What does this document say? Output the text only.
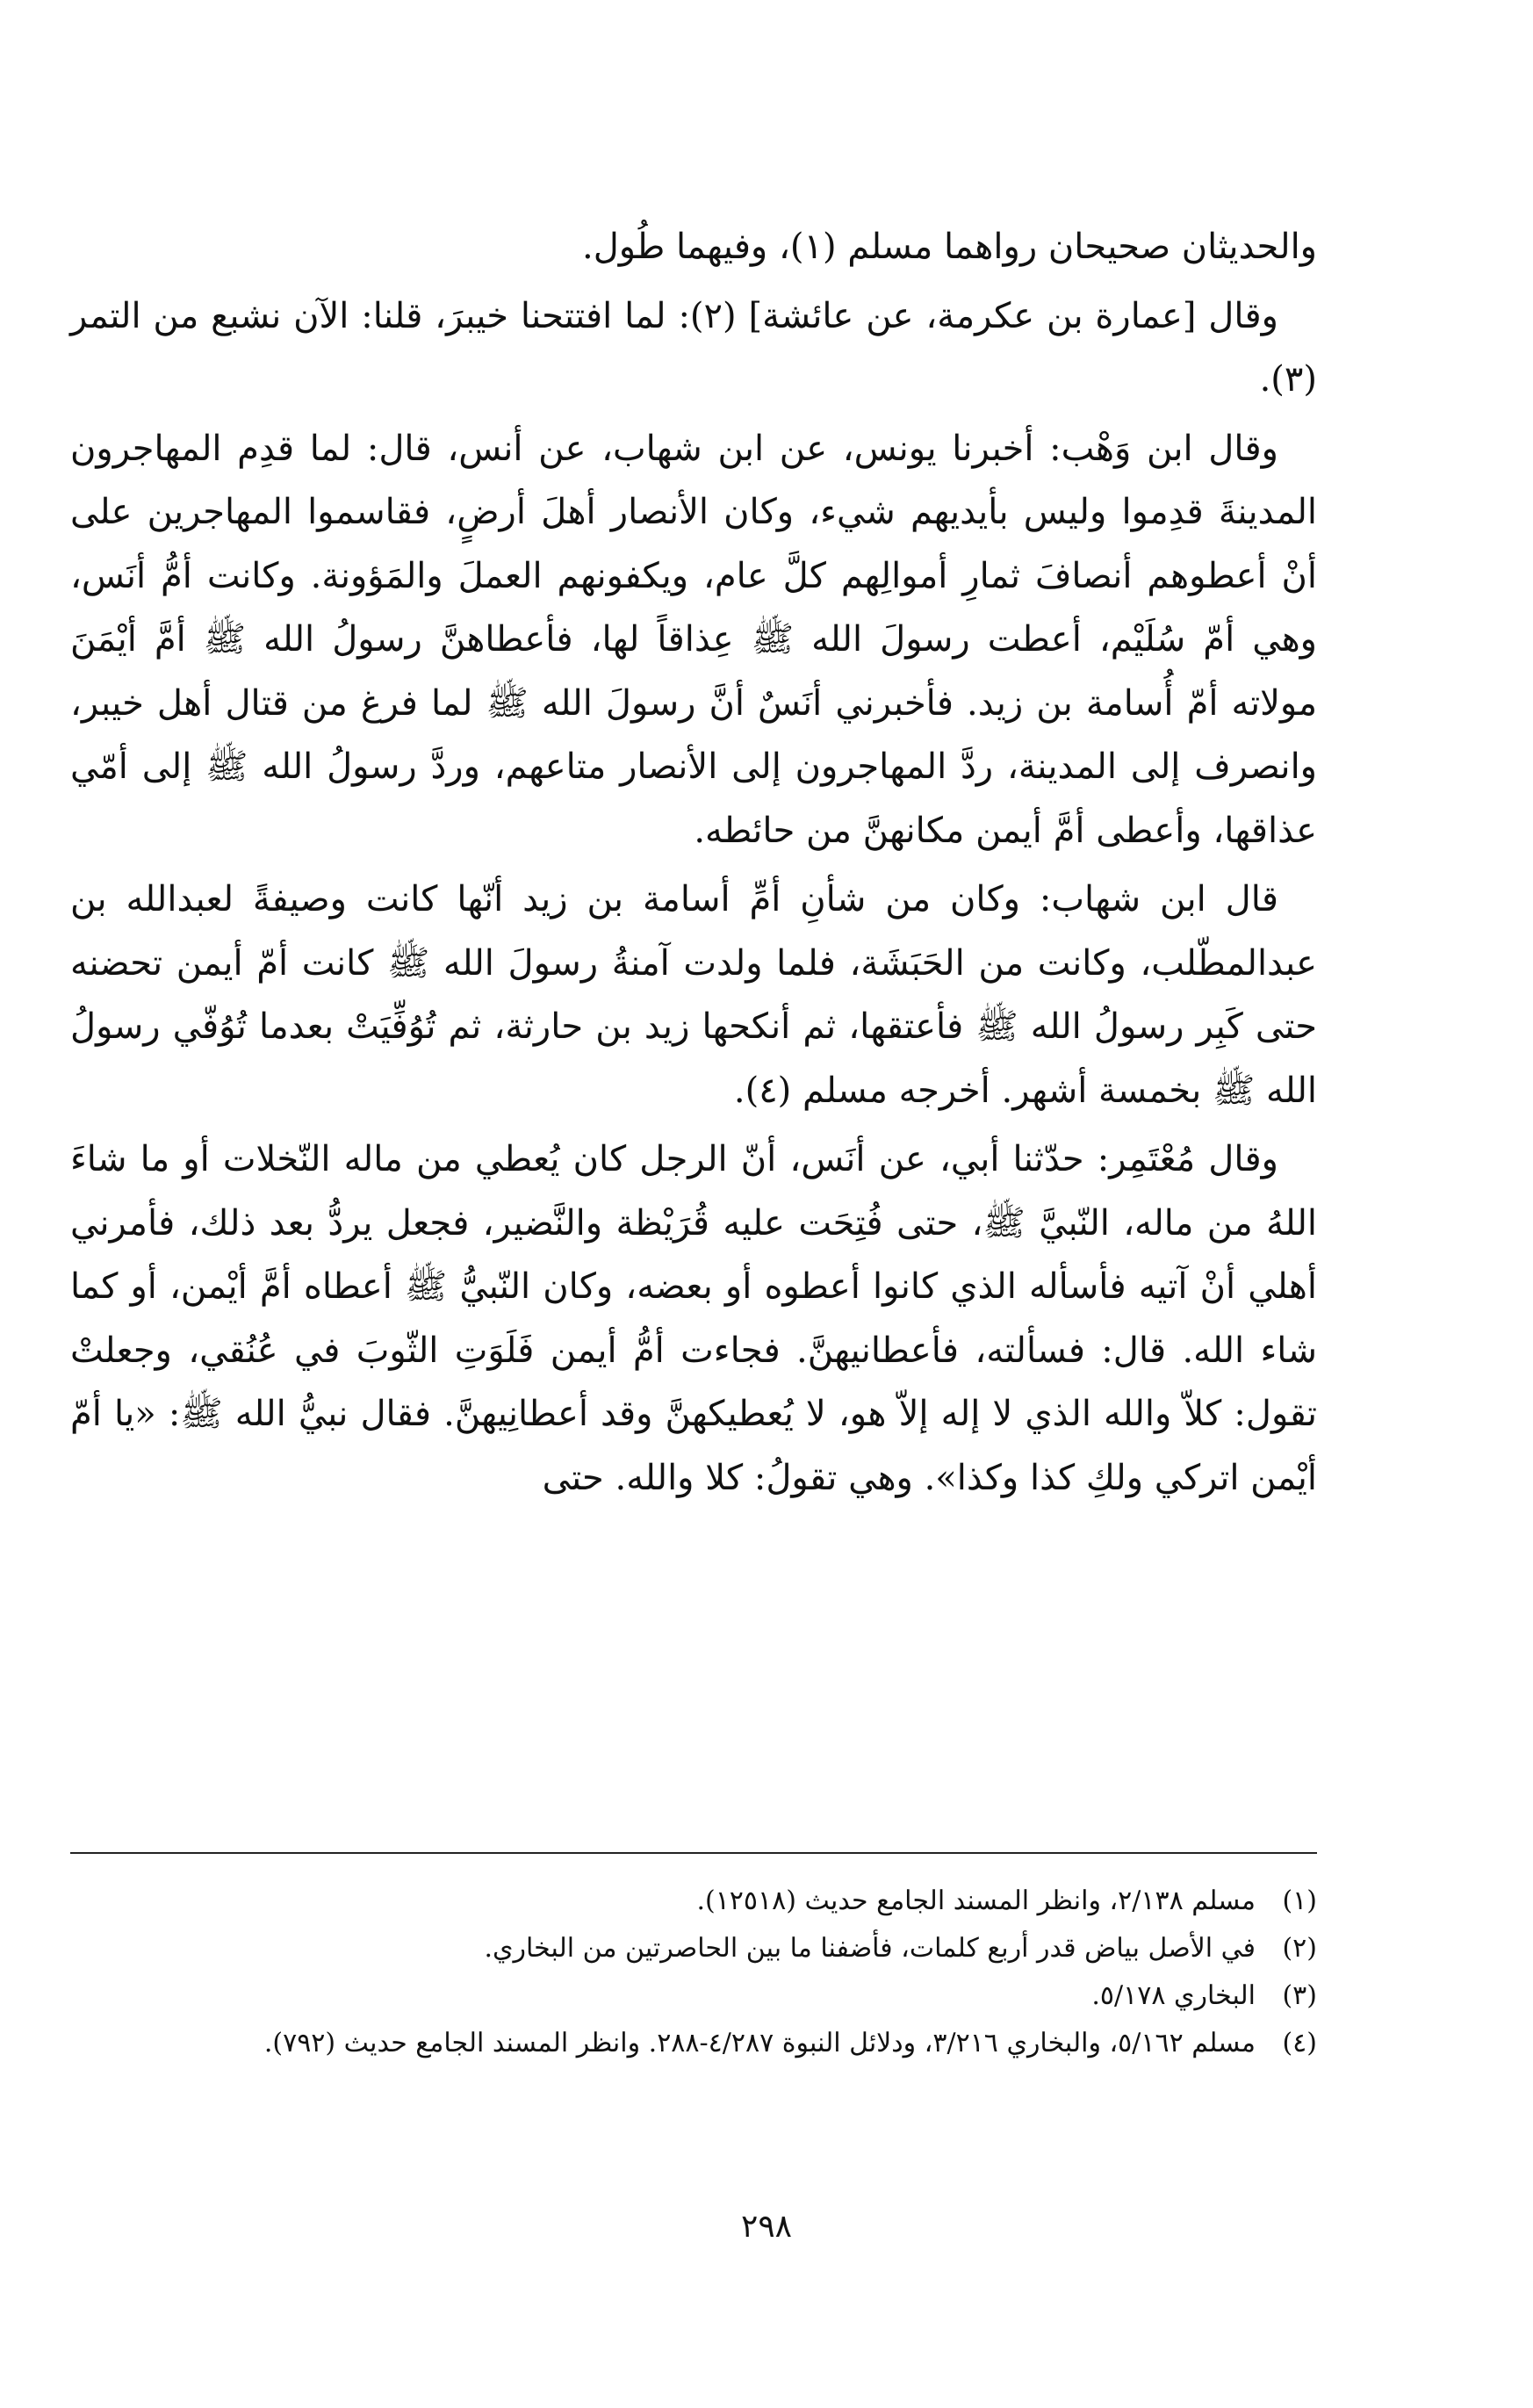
والحديثان صحيحان رواهما مسلم (١)، وفيهما طُول.

وقال [عمارة بن عكرمة، عن عائشة] (٢): لما افتتحنا خيبرَ، قلنا: الآن نشبع من التمر (٣).

وقال ابن وَهْب: أخبرنا يونس، عن ابن شهاب، عن أنس، قال: لما قدِم المهاجرون المدينةَ قدِموا وليس بأيديهم شيء، وكان الأنصار أهلَ أرضٍ، فقاسموا المهاجرين على أنْ أعطوهم أنصافَ ثمارِ أموالِهم كلَّ عام، ويكفونهم العملَ والمَؤونة. وكانت أمُّ أنَس، وهي أمّ سُلَيْم، أعطت رسولَ الله ﷺ عِذاقاً لها، فأعطاهنَّ رسولُ الله ﷺ أمَّ أيْمَنَ مولاته أمّ أُسامة بن زيد. فأخبرني أنَسٌ أنَّ رسولَ الله ﷺ لما فرغ من قتال أهل خيبر، وانصرف إلى المدينة، ردَّ المهاجرون إلى الأنصار متاعهم، وردَّ رسولُ الله ﷺ إلى أمّي عذاقها، وأعطى أمَّ أيمن مكانهنَّ من حائطه.

قال ابن شهاب: وكان من شأنِ أمِّ أسامة بن زيد أنّها كانت وصيفةً لعبدالله بن عبدالمطّلب، وكانت من الحَبَشَة، فلما ولدت آمنةُ رسولَ الله ﷺ كانت أمّ أيمن تحضنه حتى كَبِر رسولُ الله ﷺ فأعتقها، ثم أنكحها زيد بن حارثة، ثم تُوُفِّيَتْ بعدما تُوُفّي رسولُ الله ﷺ بخمسة أشهر. أخرجه مسلم (٤).

وقال مُعْتَمِر: حدّثنا أبي، عن أنَس، أنّ الرجل كان يُعطي من ماله النّخلات أو ما شاءَ اللهُ من ماله، النّبيَّ ﷺ، حتى فُتِحَت عليه قُرَيْظة والنَّضير، فجعل يردُّ بعد ذلك، فأمرني أهلي أنْ آتيه فأسأله الذي كانوا أعطوه أو بعضه، وكان النّبيُّ ﷺ أعطاه أمَّ أيْمن، أو كما شاء الله. قال: فسألته، فأعطانيهنَّ. فجاءت أمُّ أيمن فَلَوَتِ الثّوبَ في عُنُقي، وجعلتْ تقول: كلاّ والله الذي لا إله إلاّ هو، لا يُعطيكهنَّ وقد أعطانِيهنَّ. فقال نبيُّ الله ﷺ: «يا أمّ أيْمن اتركي ولكِ كذا وكذا». وهي تقولُ: كلا والله. حتى

(١)
مسلم ٢/١٣٨، وانظر المسند الجامع حديث (١٢٥١٨).
(٢)
في الأصل بياض قدر أربع كلمات، فأضفنا ما بين الحاصرتين من البخاري.
(٣)
البخاري ٥/١٧٨.
(٤)
مسلم ٥/١٦٢، والبخاري ٣/٢١٦، ودلائل النبوة ٤/٢٨٧-٢٨٨. وانظر المسند الجامع حديث (٧٩٢).
٢٩٨
